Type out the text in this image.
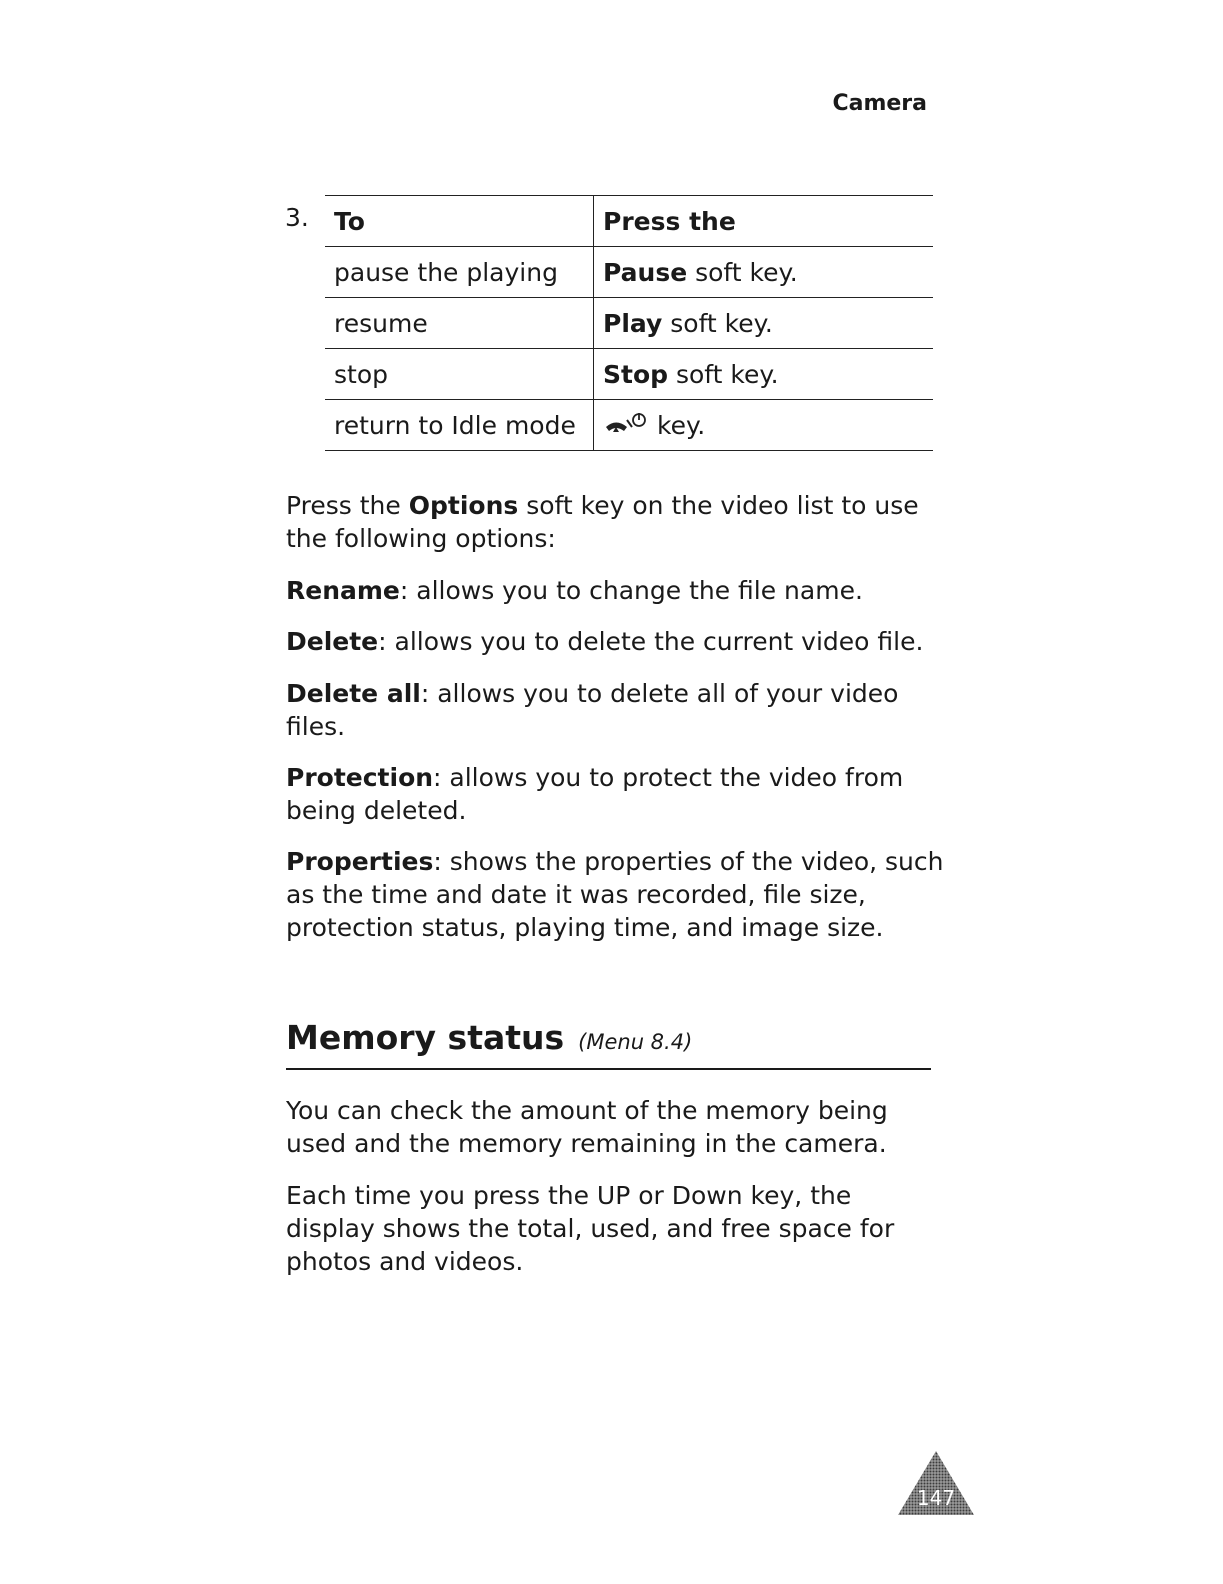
Camera
3. To	Press the
pause the playing	Pause soft key.
resume	Play soft key.
stop	Stop soft key.
return to Idle mode	key.

Press the Options soft key on the video list to use the following options:

Rename: allows you to change the file name.

Delete: allows you to delete the current video file.

Delete all: allows you to delete all of your video files.

Protection: allows you to protect the video from being deleted.

Properties: shows the properties of the video, such as the time and date it was recorded, file size, protection status, playing time, and image size.

Memory status (Menu 8.4)

You can check the amount of the memory being used and the memory remaining in the camera.

Each time you press the UP or Down key, the display shows the total, used, and free space for photos and videos.

147
